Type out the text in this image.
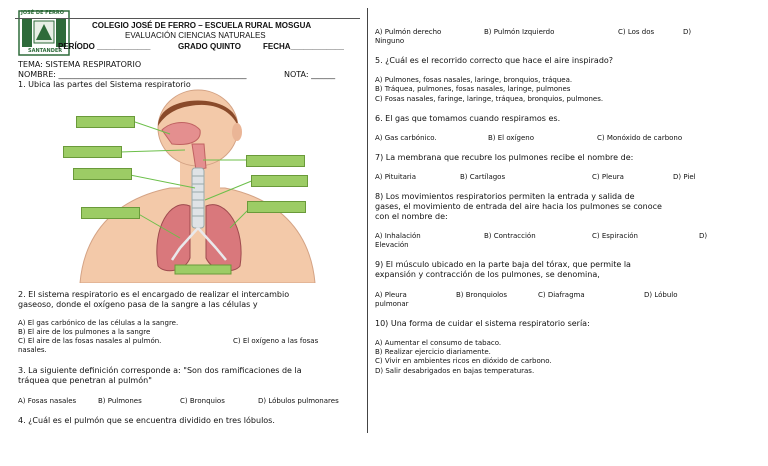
JOSÉ DE FERRO
SANTANDER
COLEGIO JOSÉ DE FERRO – ESCUELA RURAL MOSGUA
EVALUACIÓN CIENCIAS NATURALES
PERÍODO ____________	GRADO QUINTO	FECHA____________
TEMA: SISTEMA RESPIRATORIO
NOMBRE: _______________________________________________	NOTA: ______
1. Ubica las partes del Sistema respiratorio
2. El sistema respiratorio es el encargado de realizar el intercambio
gaseoso, donde el oxígeno pasa de la sangre a las células y
A) El gas carbónico de las células a la sangre.
B) El aire de los pulmones a la sangre
C) El aire de las fosas nasales al pulmón.	C) El oxígeno a las fosas
nasales.
3. La siguiente definición corresponde a: "Son dos ramificaciones de la
tráquea que penetran al pulmón"
A) Fosas nasales	B) Pulmones	C) Bronquios	D) Lóbulos pulmonares
4. ¿Cuál es el pulmón que se encuentra dividido en tres lóbulos.
A) Pulmón derecho	B) Pulmón Izquierdo	C) Los dos	D)
Ninguno
5. ¿Cuál es el recorrido correcto que hace el aire inspirado?
A) Pulmones, fosas nasales, laringe, bronquios, tráquea.
B) Tráquea, pulmones, fosas nasales, laringe, pulmones
C) Fosas nasales, faringe, laringe, tráquea, bronquios, pulmones.
6. El gas que tomamos cuando respiramos es.
A) Gas carbónico.	B) El oxígeno	C) Monóxido de carbono
7) La membrana que recubre los pulmones recibe el nombre de:
A) Pituitaria	B) Cartílagos	C) Pleura	D) Piel
8) Los movimientos respiratorios permiten la entrada y salida de
gases, el movimiento de entrada del aire hacia los pulmones se conoce
con el nombre de:
A) Inhalación	B) Contracción	C) Espiración	D)
Elevación
9) El músculo ubicado en la parte baja del tórax, que permite la
expansión y contracción de los pulmones, se denomina,
A) Pleura	B) Bronquiolos	C) Diafragma	D) Lóbulo
pulmonar
10) Una forma de cuidar el sistema respiratorio sería:
A) Aumentar el consumo de tabaco.
B) Realizar ejercicio diariamente.
C) Vivir en ambientes ricos en dióxido de carbono.
D) Salir desabrigados en bajas temperaturas.
